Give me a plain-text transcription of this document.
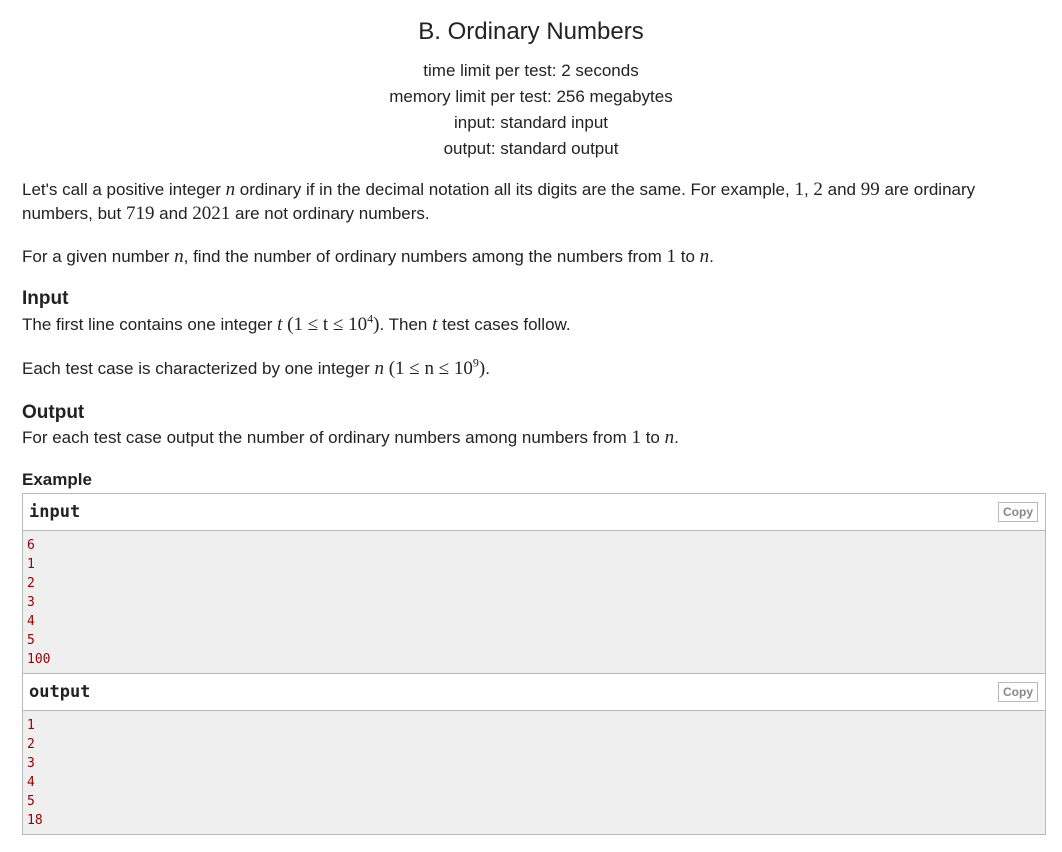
B. Ordinary Numbers
time limit per test: 2 seconds
memory limit per test: 256 megabytes
input: standard input
output: standard output
Let's call a positive integer n ordinary if in the decimal notation all its digits are the same. For example, 1, 2 and 99 are ordinary
numbers, but 719 and 2021 are not ordinary numbers.
For a given number n, find the number of ordinary numbers among the numbers from 1 to n.
Input
The first line contains one integer t $(1 \le t \le 10^4)$. Then t test cases follow.
Each test case is characterized by one integer n $(1 \le n \le 10^9)$.
Output
For each test case output the number of ordinary numbers among numbers from 1 to n.
Example
input	Copy
6
1
2
3
4
5
100
output	Copy
1
2
3
4
5
18
